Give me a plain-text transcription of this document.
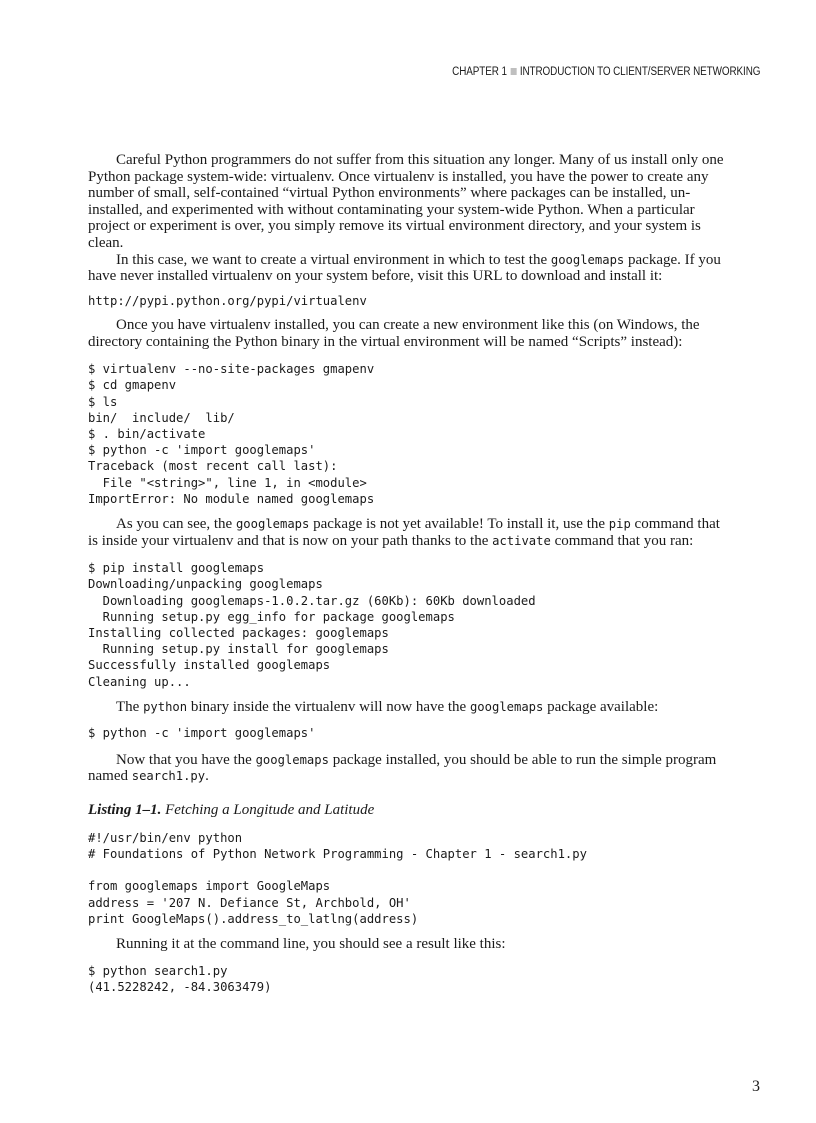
CHAPTER 1 INTRODUCTION TO CLIENT/SERVER NETWORKING

Careful Python programmers do not suffer from this situation any longer. Many of us install only one Python package system-wide: virtualenv. Once virtualenv is installed, you have the power to create any number of small, self-contained “virtual Python environments” where packages can be installed, un-installed, and experimented with without contaminating your system-wide Python. When a particular project or experiment is over, you simply remove its virtual environment directory, and your system is clean.

In this case, we want to create a virtual environment in which to test the googlemaps package. If you have never installed virtualenv on your system before, visit this URL to download and install it:

http://pypi.python.org/pypi/virtualenv

Once you have virtualenv installed, you can create a new environment like this (on Windows, the directory containing the Python binary in the virtual environment will be named “Scripts” instead):

$ virtualenv --no-site-packages gmapenv
$ cd gmapenv
$ ls
bin/  include/  lib/
$ . bin/activate
$ python -c 'import googlemaps'
Traceback (most recent call last):
File "<string>", line 1, in <module>
ImportError: No module named googlemaps

As you can see, the googlemaps package is not yet available! To install it, use the pip command that is inside your virtualenv and that is now on your path thanks to the activate command that you ran:

$ pip install googlemaps
Downloading/unpacking googlemaps
Downloading googlemaps-1.0.2.tar.gz (60Kb): 60Kb downloaded
Running setup.py egg_info for package googlemaps
Installing collected packages: googlemaps
Running setup.py install for googlemaps
Successfully installed googlemaps
Cleaning up...

The python binary inside the virtualenv will now have the googlemaps package available:

$ python -c 'import googlemaps'

Now that you have the googlemaps package installed, you should be able to run the simple program named search1.py.

Listing 1–1. Fetching a Longitude and Latitude

#!/usr/bin/env python
# Foundations of Python Network Programming - Chapter 1 - search1.py

from googlemaps import GoogleMaps
address = '207 N. Defiance St, Archbold, OH'
print GoogleMaps().address_to_latlng(address)

Running it at the command line, you should see a result like this:

$ python search1.py
(41.5228242, -84.3063479)
3
